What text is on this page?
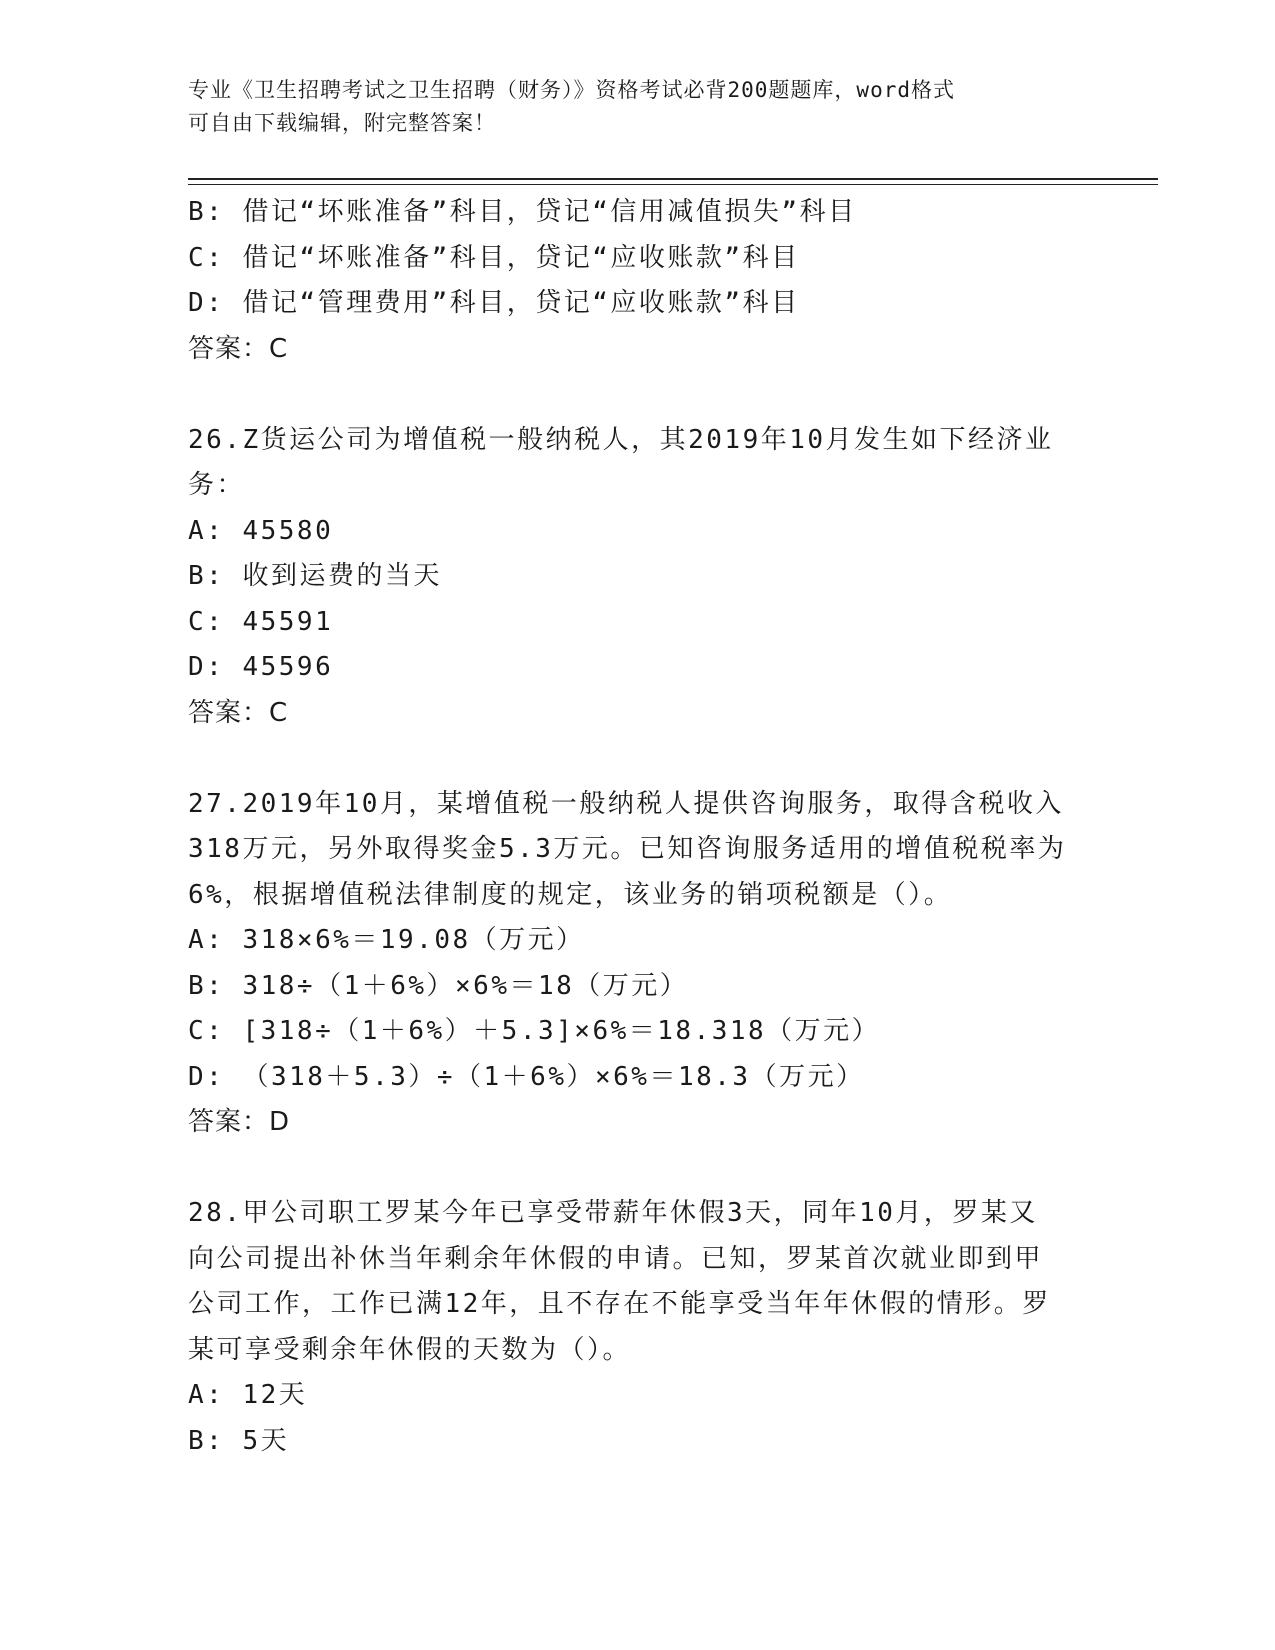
专业《卫生招聘考试之卫生招聘（财务）》资格考试必背200题题库，word格式
可自由下载编辑，附完整答案！
B: 借记“坏账准备”科目，贷记“信用减值损失”科目
C: 借记“坏账准备”科目，贷记“应收账款”科目
D: 借记“管理费用”科目，贷记“应收账款”科目
答案：C
26.Z货运公司为增值税一般纳税人，其2019年10月发生如下经济业
务：
A: 45580
B: 收到运费的当天
C: 45591
D: 45596
答案：C
27.2019年10月，某增值税一般纳税人提供咨询服务，取得含税收入
318万元，另外取得奖金5.3万元。已知咨询服务适用的增值税税率为
6%，根据增值税法律制度的规定，该业务的销项税额是（）。
A: 318×6%＝19.08（万元）
B: 318÷（1＋6%）×6%＝18（万元）
C: [318÷（1＋6%）＋5.3]×6%＝18.318（万元）
D: （318＋5.3）÷（1＋6%）×6%＝18.3（万元）
答案：D
28.甲公司职工罗某今年已享受带薪年休假3天，同年10月，罗某又
向公司提出补休当年剩余年休假的申请。已知，罗某首次就业即到甲
公司工作，工作已满12年，且不存在不能享受当年年休假的情形。罗
某可享受剩余年休假的天数为（）。
A: 12天
B: 5天
